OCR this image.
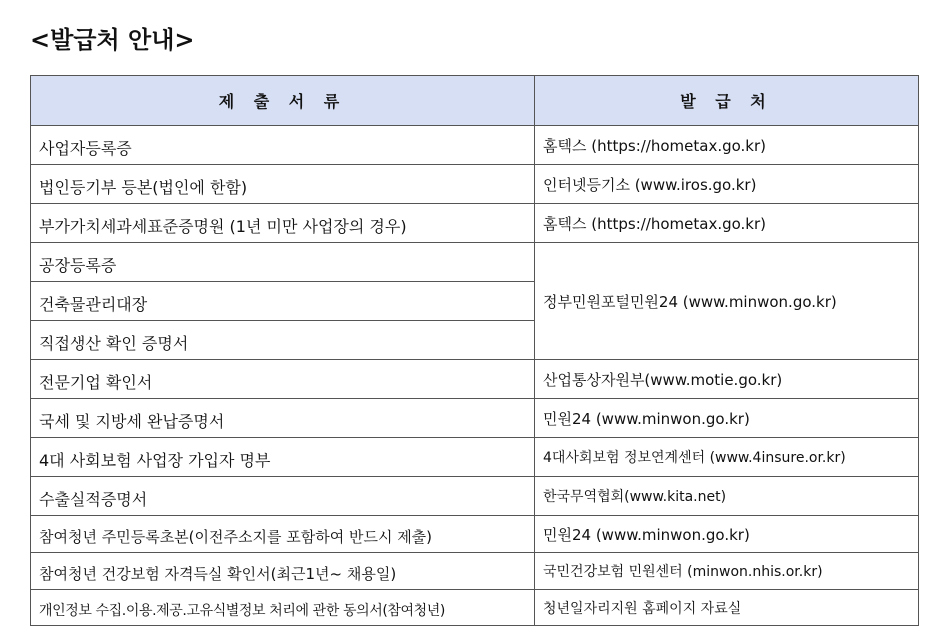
<발급처 안내>
제 출 서 류	발 급 처
사업자등록증	홈텍스 (https://hometax.go.kr)
법인등기부 등본(법인에 한함)	인터넷등기소 (www.iros.go.kr)
부가가치세과세표준증명원 (1년 미만 사업장의 경우)	홈텍스 (https://hometax.go.kr)
공장등록증	정부민원포털민원24 (www.minwon.go.kr)
건축물관리대장	
직접생산 확인 증명서	
전문기업 확인서	산업통상자원부(www.motie.go.kr)
국세 및 지방세 완납증명서	민원24 (www.minwon.go.kr)
4대 사회보험 사업장 가입자 명부	4대사회보험 정보연계센터 (www.4insure.or.kr)
수출실적증명서	한국무역협회(www.kita.net)
참여청년 주민등록초본(이전주소지를 포함하여 반드시 제출)	민원24 (www.minwon.go.kr)
참여청년 건강보험 자격득실 확인서(최근1년~ 채용일)	국민건강보험 민원센터 (minwon.nhis.or.kr)
개인정보 수집.이용.제공.고유식별정보 처리에 관한 동의서(참여청년)	청년일자리지원 홈페이지 자료실
